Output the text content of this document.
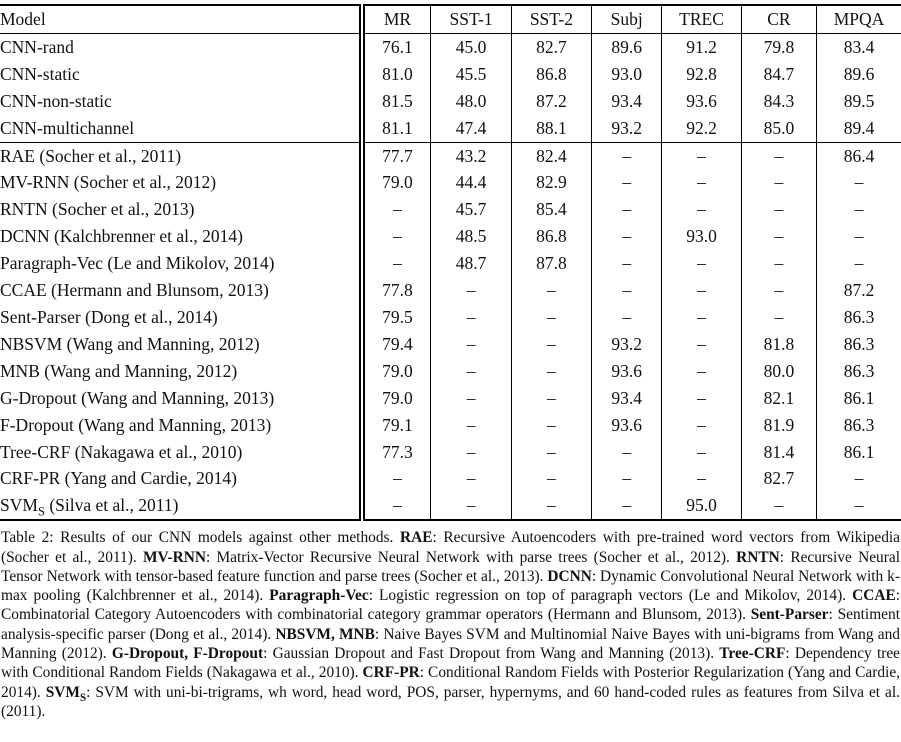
Model	MR	SST-1	SST-2	Subj	TREC	CR	MPQA
CNN-rand	76.1	45.0	82.7	89.6	91.2	79.8	83.4
CNN-static	81.0	45.5	86.8	93.0	92.8	84.7	89.6
CNN-non-static	81.5	48.0	87.2	93.4	93.6	84.3	89.5
CNN-multichannel	81.1	47.4	88.1	93.2	92.2	85.0	89.4
RAE (Socher et al., 2011)	77.7	43.2	82.4	–	–	–	86.4
MV-RNN (Socher et al., 2012)	79.0	44.4	82.9	–	–	–	–
RNTN (Socher et al., 2013)	–	45.7	85.4	–	–	–	–
DCNN (Kalchbrenner et al., 2014)	–	48.5	86.8	–	93.0	–	–
Paragraph-Vec (Le and Mikolov, 2014)	–	48.7	87.8	–	–	–	–
CCAE (Hermann and Blunsom, 2013)	77.8	–	–	–	–	–	87.2
Sent-Parser (Dong et al., 2014)	79.5	–	–	–	–	–	86.3
NBSVM (Wang and Manning, 2012)	79.4	–	–	93.2	–	81.8	86.3
MNB (Wang and Manning, 2012)	79.0	–	–	93.6	–	80.0	86.3
G-Dropout (Wang and Manning, 2013)	79.0	–	–	93.4	–	82.1	86.1
F-Dropout (Wang and Manning, 2013)	79.1	–	–	93.6	–	81.9	86.3
Tree-CRF (Nakagawa et al., 2010)	77.3	–	–	–	–	81.4	86.1
CRF-PR (Yang and Cardie, 2014)	–	–	–	–	–	82.7	–
$SVM_S$ (Silva et al., 2011)	–	–	–	–	95.0	–	–
Table 2: Results of our CNN models against other methods. RAE: Recursive Autoencoders with pre-trained word vectors from Wikipedia (Socher et al., 2011). MV-RNN: Matrix-Vector Recursive Neural Network with parse trees (Socher et al., 2012). RNTN: Recursive Neural Tensor Network with tensor-based feature function and parse trees (Socher et al., 2013). DCNN: Dynamic Convolutional Neural Network with k-max pooling (Kalchbrenner et al., 2014). Paragraph-Vec: Logistic regression on top of paragraph vectors (Le and Mikolov, 2014). CCAE: Combinatorial Category Autoencoders with combinatorial category grammar operators (Hermann and Blunsom, 2013). Sent-Parser: Sentiment analysis-specific parser (Dong et al., 2014). NBSVM, MNB: Naive Bayes SVM and Multinomial Naive Bayes with uni-bigrams from Wang and Manning (2012). G-Dropout, F-Dropout: Gaussian Dropout and Fast Dropout from Wang and Manning (2013). Tree-CRF: Dependency tree with Conditional Random Fields (Nakagawa et al., 2010). CRF-PR: Conditional Random Fields with Posterior Regularization (Yang and Cardie, 2014). $SVM_S$: SVM with uni-bi-trigrams, wh word, head word, POS, parser, hypernyms, and 60 hand-coded rules as features from Silva et al. (2011).
